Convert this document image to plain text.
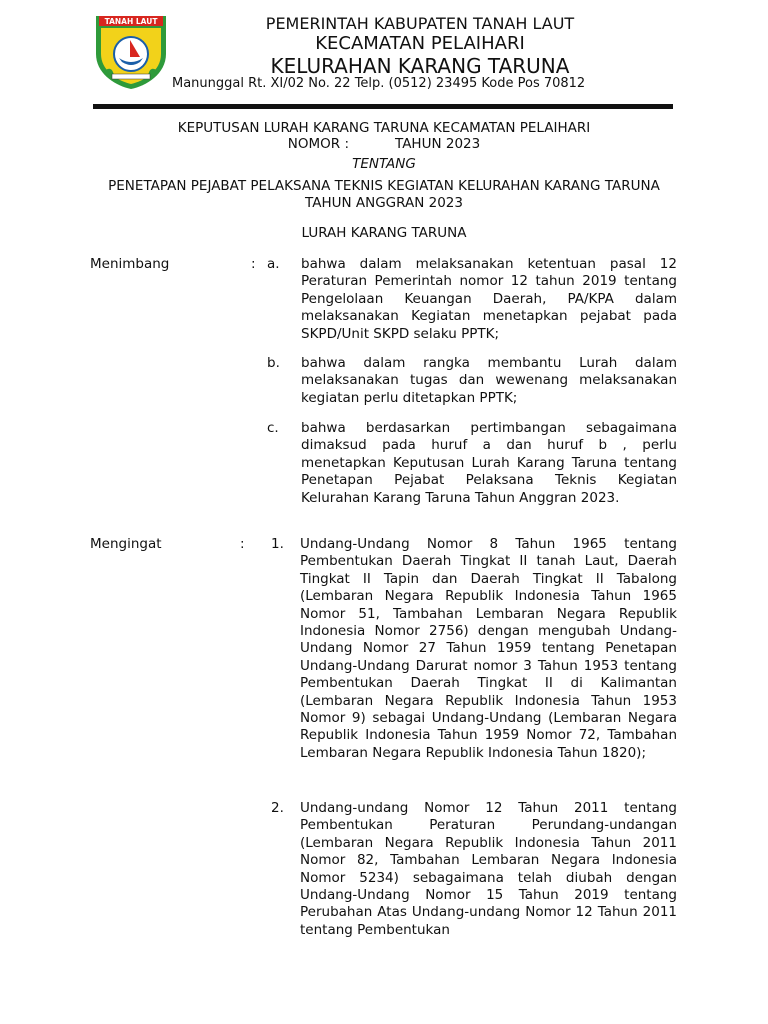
TANAH LAUT	PEMERINTAH KABUPATEN TANAH LAUT
KECAMATAN PELAIHARI
KELURAHAN KARANG TARUNA
Manunggal Rt. XI/02 No. 22 Telp. (0512) 23495 Kode Pos 70812
KEPUTUSAN LURAH KARANG TARUNA KECAMATAN PELAIHARI
NOMOR :	TAHUN 2023
TENTANG
PENETAPAN PEJABAT PELAKSANA TEKNIS KEGIATAN KELURAHAN KARANG TARUNA TAHUN ANGGRAN 2023
LURAH KARANG TARUNA
Menimbang	: a. bahwa dalam melaksanakan ketentuan pasal 12 Peraturan Pemerintah nomor 12 tahun 2019 tentang Pengelolaan Keuangan Daerah, PA/KPA dalam melaksanakan Kegiatan menetapkan pejabat pada SKPD/Unit SKPD selaku PPTK;
b. bahwa dalam rangka membantu Lurah dalam melaksanakan tugas dan wewenang melaksanakan kegiatan perlu ditetapkan PPTK;
c. bahwa berdasarkan pertimbangan sebagaimana dimaksud pada huruf a dan huruf b , perlu menetapkan Keputusan Lurah Karang Taruna tentang Penetapan Pejabat Pelaksana Teknis Kegiatan Kelurahan Karang Taruna Tahun Anggran 2023.
Mengingat	: 1. Undang-Undang Nomor 8 Tahun 1965 tentang Pembentukan Daerah Tingkat II tanah Laut, Daerah Tingkat II Tapin dan Daerah Tingkat II Tabalong (Lembaran Negara Republik Indonesia Tahun 1965 Nomor 51, Tambahan Lembaran Negara Republik Indonesia Nomor 2756) dengan mengubah Undang-Undang Nomor 27 Tahun 1959 tentang Penetapan Undang-Undang Darurat nomor 3 Tahun 1953 tentang Pembentukan Daerah Tingkat II di Kalimantan (Lembaran Negara Republik Indonesia Tahun 1953 Nomor 9) sebagai Undang-Undang (Lembaran Negara Republik Indonesia Tahun 1959 Nomor 72, Tambahan Lembaran Negara Republik Indonesia Tahun 1820);
2. Undang-undang Nomor 12 Tahun 2011 tentang Pembentukan Peraturan Perundang-undangan (Lembaran Negara Republik Indonesia Tahun 2011 Nomor 82, Tambahan Lembaran Negara Indonesia Nomor 5234) sebagaimana telah diubah dengan Undang-Undang Nomor 15 Tahun 2019 tentang Perubahan Atas Undang-undang Nomor 12 Tahun 2011 tentang Pembentukan
